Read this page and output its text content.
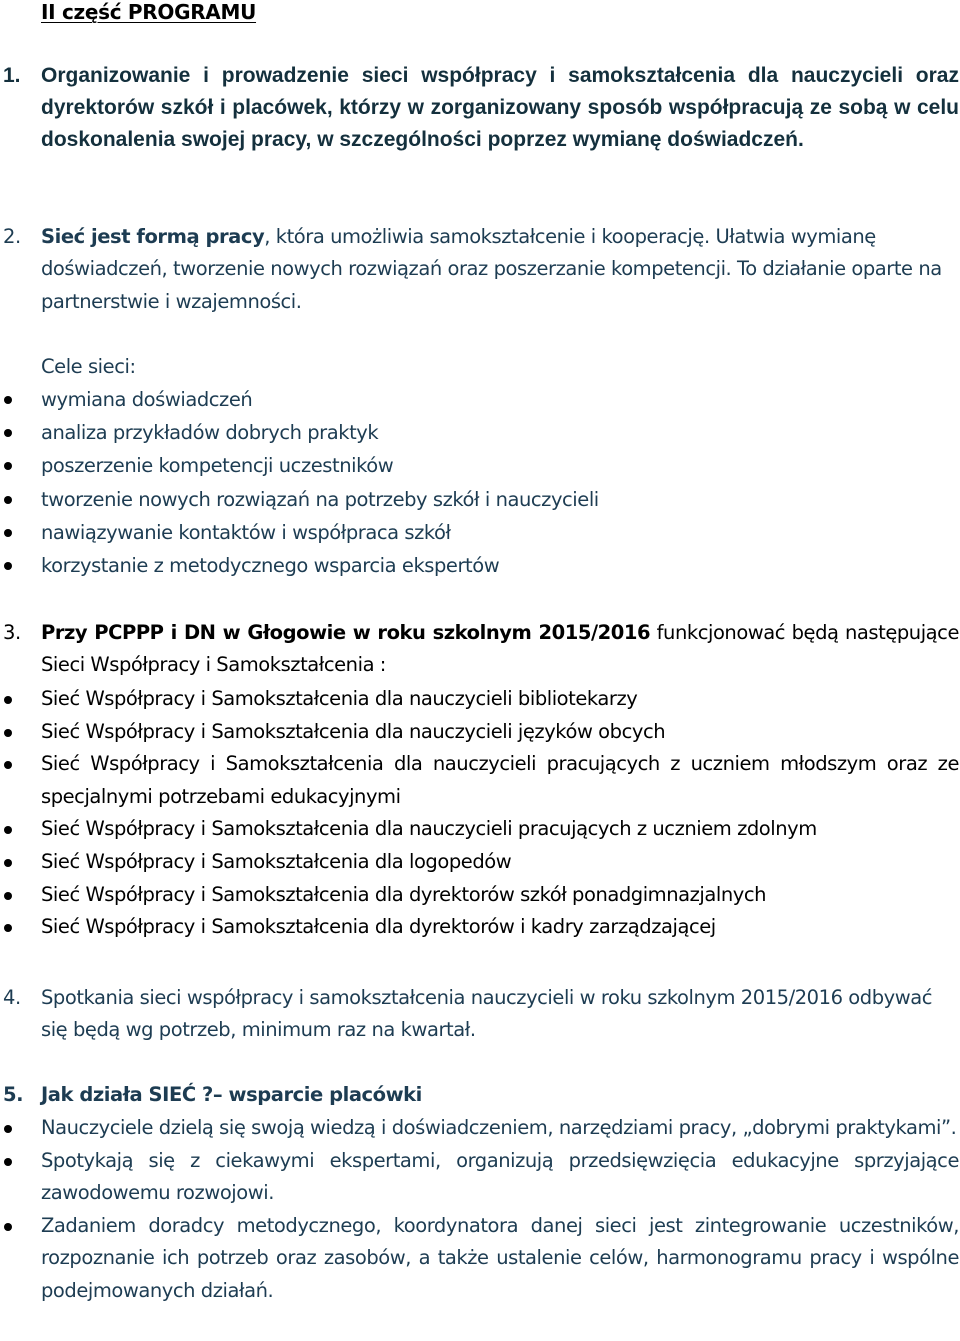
II część PROGRAMU
1. Organizowanie i prowadzenie sieci współpracy i samokształcenia dla nauczycieli oraz dyrektorów szkół i placówek, którzy w zorganizowany sposób współpracują ze sobą w celu doskonalenia swojej pracy, w szczególności poprzez wymianę doświadczeń.
2. Sieć jest formą pracy, która umożliwia samokształcenie i kooperację. Ułatwia wymianę doświadczeń, tworzenie nowych rozwiązań oraz poszerzanie kompetencji. To działanie oparte na partnerstwie i wzajemności.
Cele sieci:
wymiana doświadczeń
analiza przykładów dobrych praktyk
poszerzenie kompetencji uczestników
tworzenie nowych rozwiązań na potrzeby szkół i nauczycieli
nawiązywanie kontaktów i współpraca szkół
korzystanie z metodycznego wsparcia ekspertów
3. Przy PCPPP i DN w Głogowie w roku szkolnym 2015/2016 funkcjonować będą następujące Sieci Współpracy i Samokształcenia :
Sieć Współpracy i Samokształcenia dla nauczycieli bibliotekarzy
Sieć Współpracy i Samokształcenia dla nauczycieli języków obcych
Sieć Współpracy i Samokształcenia dla nauczycieli pracujących z uczniem młodszym oraz ze specjalnymi potrzebami edukacyjnymi
Sieć Współpracy i Samokształcenia dla nauczycieli pracujących z uczniem zdolnym
Sieć Współpracy i Samokształcenia dla logopedów
Sieć Współpracy i Samokształcenia dla dyrektorów szkół ponadgimnazjalnych
Sieć Współpracy i Samokształcenia dla dyrektorów i kadry zarządzającej
4. Spotkania sieci współpracy i samokształcenia nauczycieli w roku szkolnym 2015/2016 odbywać się będą wg potrzeb, minimum raz na kwartał.
5. Jak działa SIEĆ ?– wsparcie placówki
Nauczyciele dzielą się swoją wiedzą i doświadczeniem, narzędziami pracy, „dobrymi praktykami”.
Spotykają się z ciekawymi ekspertami, organizują przedsięwzięcia edukacyjne sprzyjające zawodowemu rozwojowi.
Zadaniem doradcy metodycznego, koordynatora danej sieci jest zintegrowanie uczestników, rozpoznanie ich potrzeb oraz zasobów, a także ustalenie celów, harmonogramu pracy i wspólne podejmowanych działań.
